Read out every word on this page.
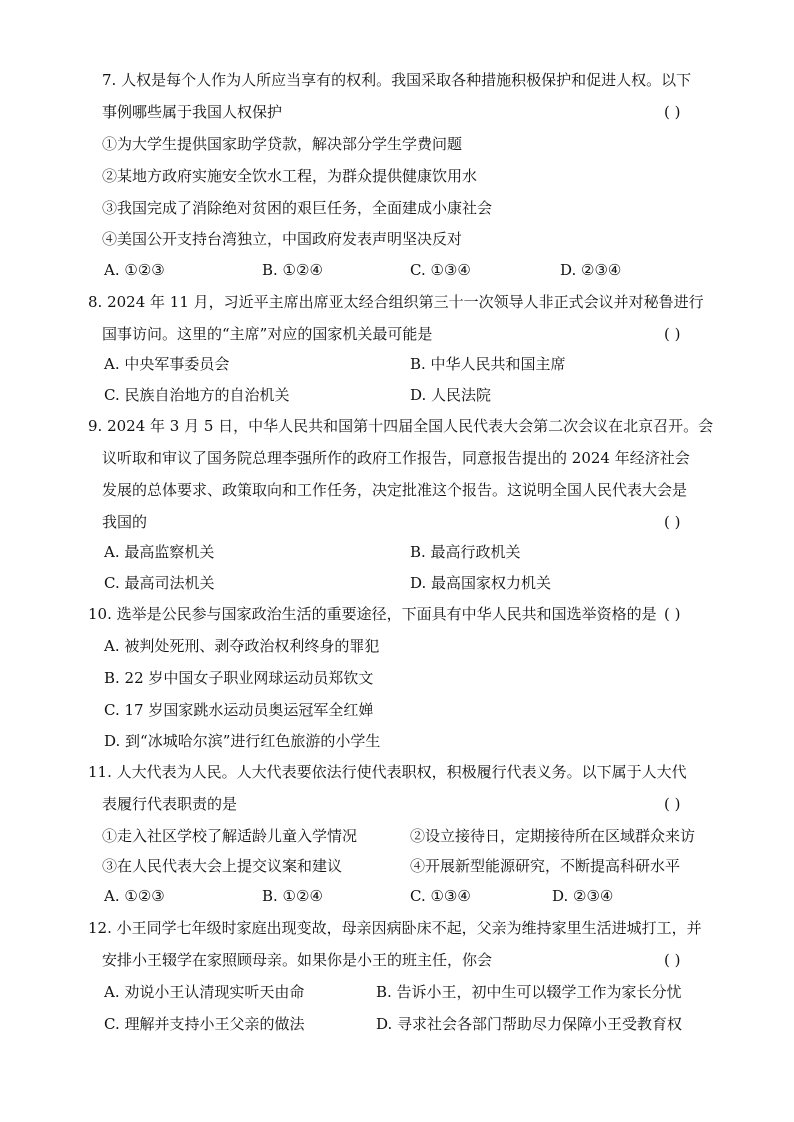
7. 人权是每个人作为人所应当享有的权利。我国采取各种措施积极保护和促进人权。以下
事例哪些属于我国人权保护	( )
①为大学生提供国家助学贷款，解决部分学生学费问题
②某地方政府实施安全饮水工程，为群众提供健康饮用水
③我国完成了消除绝对贫困的艰巨任务，全面建成小康社会
④美国公开支持台湾独立，中国政府发表声明坚决反对
A. ①②③	B. ①②④	C. ①③④	D. ②③④
8. 2024 年 11 月，习近平主席出席亚太经合组织第三十一次领导人非正式会议并对秘鲁进行
国事访问。这里的“主席”对应的国家机关最可能是	( )
A. 中央军事委员会	B. 中华人民共和国主席
C. 民族自治地方的自治机关	D. 人民法院
9. 2024 年 3 月 5 日，中华人民共和国第十四届全国人民代表大会第二次会议在北京召开。会
议听取和审议了国务院总理李强所作的政府工作报告，同意报告提出的 2024 年经济社会
发展的总体要求、政策取向和工作任务，决定批准这个报告。这说明全国人民代表大会是
我国的	( )
A. 最高监察机关	B. 最高行政机关
C. 最高司法机关	D. 最高国家权力机关
10. 选举是公民参与国家政治生活的重要途径，下面具有中华人民共和国选举资格的是 ( )
A. 被判处死刑、剥夺政治权利终身的罪犯
B. 22 岁中国女子职业网球运动员郑钦文
C. 17 岁国家跳水运动员奥运冠军全红婵
D. 到“冰城哈尔滨”进行红色旅游的小学生
11. 人大代表为人民。人大代表要依法行使代表职权，积极履行代表义务。以下属于人大代
表履行代表职责的是	( )
①走入社区学校了解适龄儿童入学情况	②设立接待日，定期接待所在区域群众来访
③在人民代表大会上提交议案和建议	④开展新型能源研究，不断提高科研水平
A. ①②③	B. ①②④	C. ①③④	D. ②③④
12. 小王同学七年级时家庭出现变故，母亲因病卧床不起，父亲为维持家里生活进城打工，并
安排小王辍学在家照顾母亲。如果你是小王的班主任，你会	( )
A. 劝说小王认清现实听天由命	B. 告诉小王，初中生可以辍学工作为家长分忧
C. 理解并支持小王父亲的做法	D. 寻求社会各部门帮助尽力保障小王受教育权
